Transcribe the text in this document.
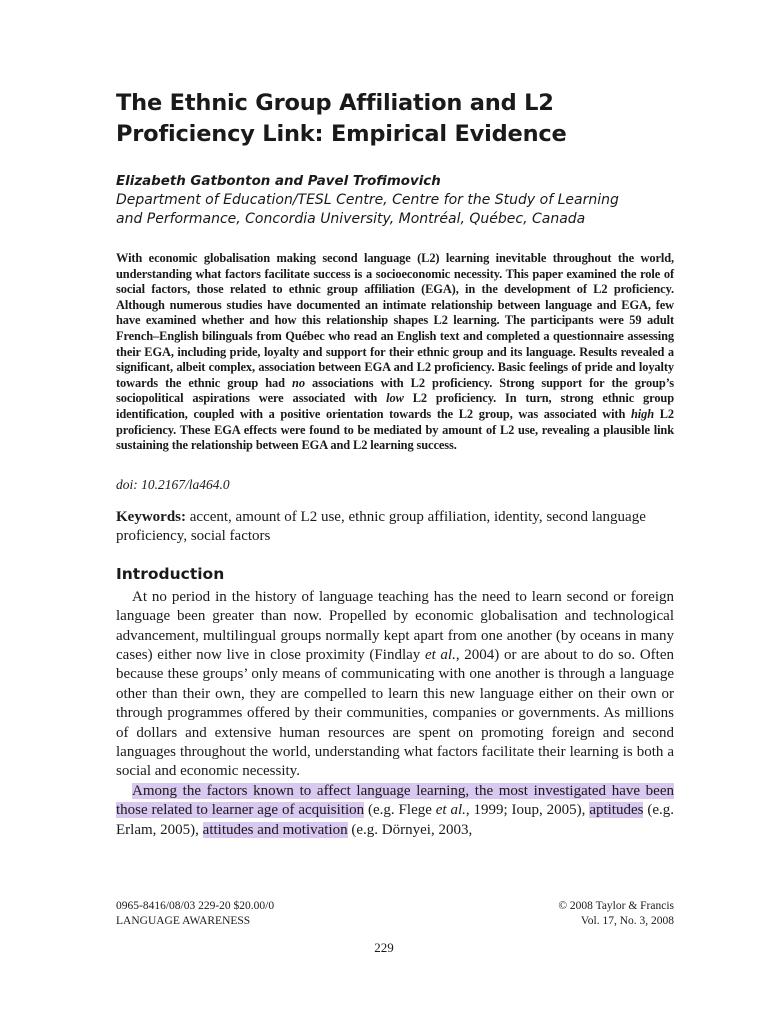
The Ethnic Group Affiliation and L2
Proficiency Link: Empirical Evidence
Elizabeth Gatbonton and Pavel Trofimovich
Department of Education/TESL Centre, Centre for the Study of Learning
and Performance, Concordia University, Montréal, Québec, Canada
With economic globalisation making second language (L2) learning inevitable throughout the world, understanding what factors facilitate success is a socioeconomic necessity. This paper examined the role of social factors, those related to ethnic group affiliation (EGA), in the development of L2 proficiency. Although numerous studies have documented an intimate relationship between language and EGA, few have examined whether and how this relationship shapes L2 learning. The participants were 59 adult French–English bilinguals from Québec who read an English text and completed a questionnaire assessing their EGA, including pride, loyalty and support for their ethnic group and its language. Results revealed a significant, albeit complex, association between EGA and L2 proficiency. Basic feelings of pride and loyalty towards the ethnic group had no associations with L2 proficiency. Strong support for the group’s sociopolitical aspirations were associated with low L2 proficiency. In turn, strong ethnic group identification, coupled with a positive orientation towards the L2 group, was associated with high L2 proficiency. These EGA effects were found to be mediated by amount of L2 use, revealing a plausible link sustaining the relationship between EGA and L2 learning success.
doi: 10.2167/la464.0
Keywords: accent, amount of L2 use, ethnic group affiliation, identity, second language proficiency, social factors
Introduction

At no period in the history of language teaching has the need to learn second or foreign language been greater than now. Propelled by economic globalisation and technological advancement, multilingual groups normally kept apart from one another (by oceans in many cases) either now live in close proximity (Findlay et al., 2004) or are about to do so. Often because these groups’ only means of communicating with one another is through a language other than their own, they are compelled to learn this new language either on their own or through programmes offered by their communities, companies or governments. As millions of dollars and extensive human resources are spent on promoting foreign and second languages throughout the world, understanding what factors facilitate their learning is both a social and economic necessity.

Among the factors known to affect language learning, the most investigated have been those related to learner age of acquisition (e.g. Flege et al., 1999; Ioup, 2005), aptitudes (e.g. Erlam, 2005), attitudes and motivation (e.g. Dörnyei, 2003,

0965-8416/08/03 229-20 $20.00/0
LANGUAGE AWARENESS
© 2008 Taylor & Francis
Vol. 17, No. 3, 2008
229
